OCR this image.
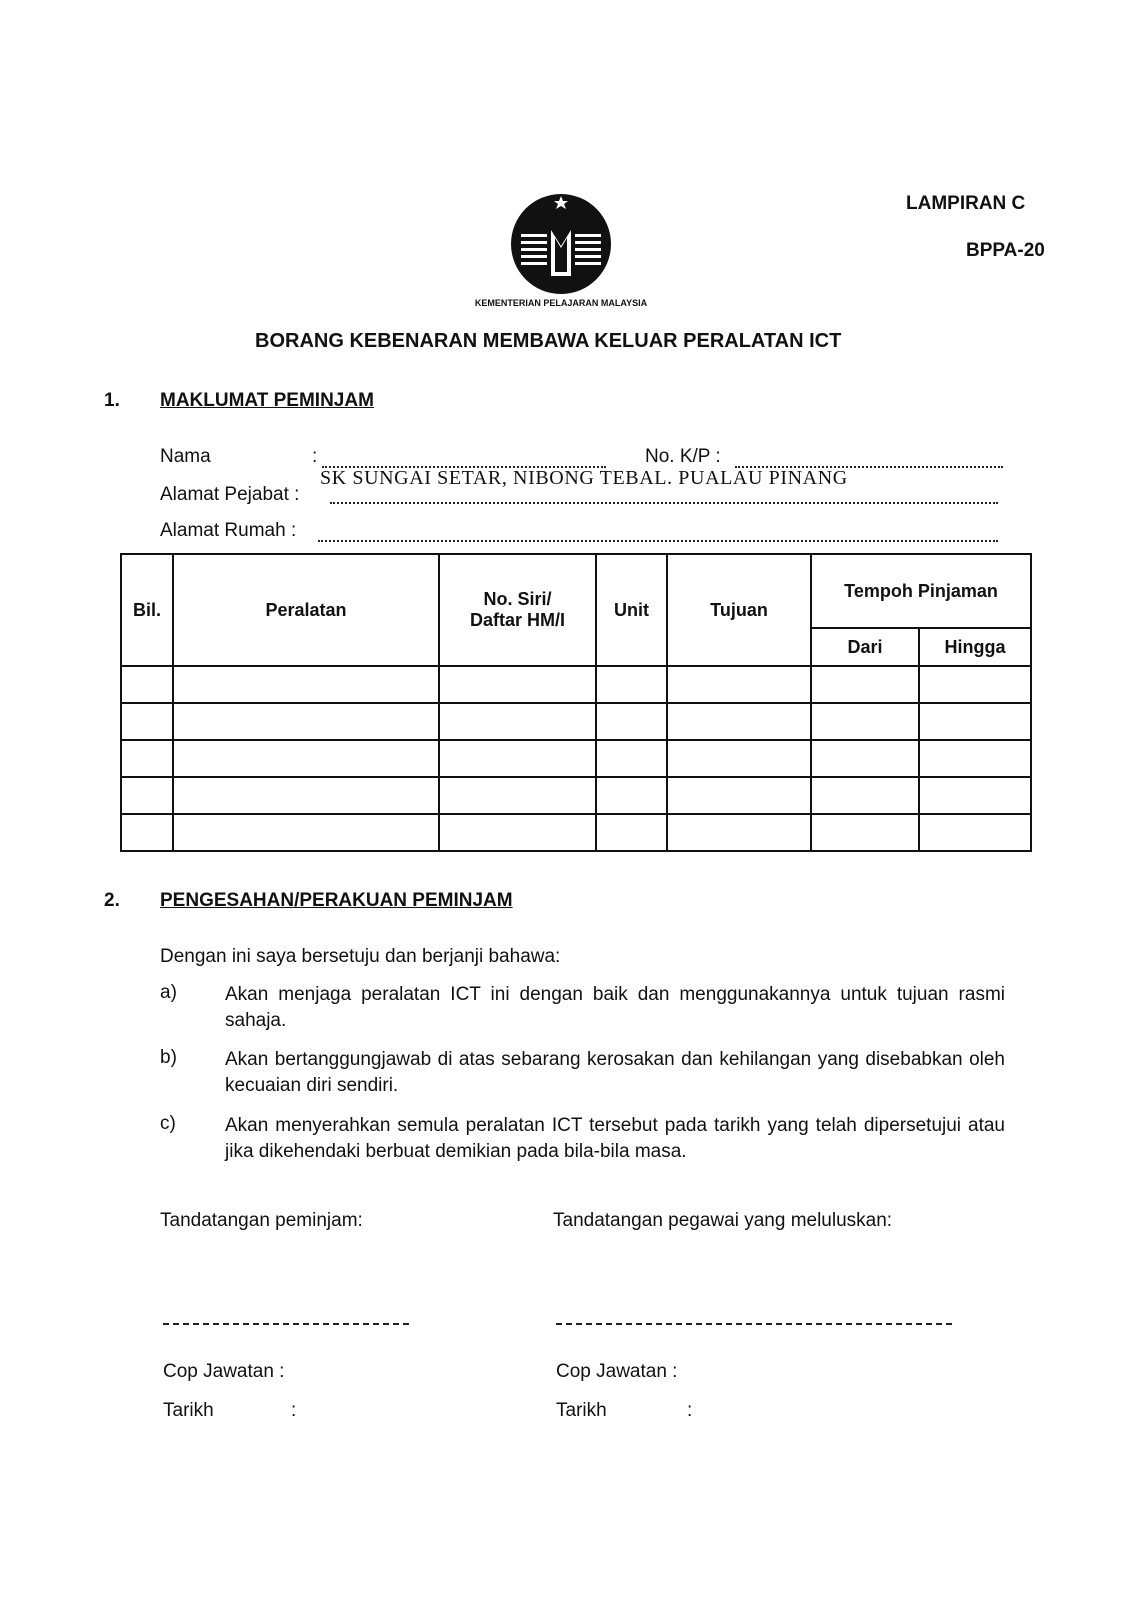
KEMENTERIAN PELAJARAN MALAYSIA
LAMPIRAN C
BPPA-20
BORANG KEBENARAN MEMBAWA KELUAR PERALATAN ICT
1. MAKLUMAT PEMINJAM
Nama	:	No. K/P :
Alamat Pejabat :
SK SUNGAI SETAR, NIBONG TEBAL. PUALAU PINANG
Alamat Rumah :
Bil.	Peralatan	No. Siri/ Daftar HM/I	Unit	Tujuan	Tempoh Pinjaman	
					Dari	Hingga

2. PENGESAHAN/PERAKUAN PEMINJAM
Dengan ini saya bersetuju dan berjanji bahawa:
a)	Akan menjaga peralatan ICT ini dengan baik dan menggunakannya untuk tujuan rasmi sahaja.
b)	Akan bertanggungjawab di atas sebarang kerosakan dan kehilangan yang disebabkan oleh kecuaian diri sendiri.
c)	Akan menyerahkan semula peralatan ICT tersebut pada tarikh yang telah dipersetujui atau jika dikehendaki berbuat demikian pada bila-bila masa.
Tandatangan peminjam:	Tandatangan pegawai yang meluluskan:
Cop Jawatan :	Cop Jawatan :
Tarikh	:	Tarikh	:
